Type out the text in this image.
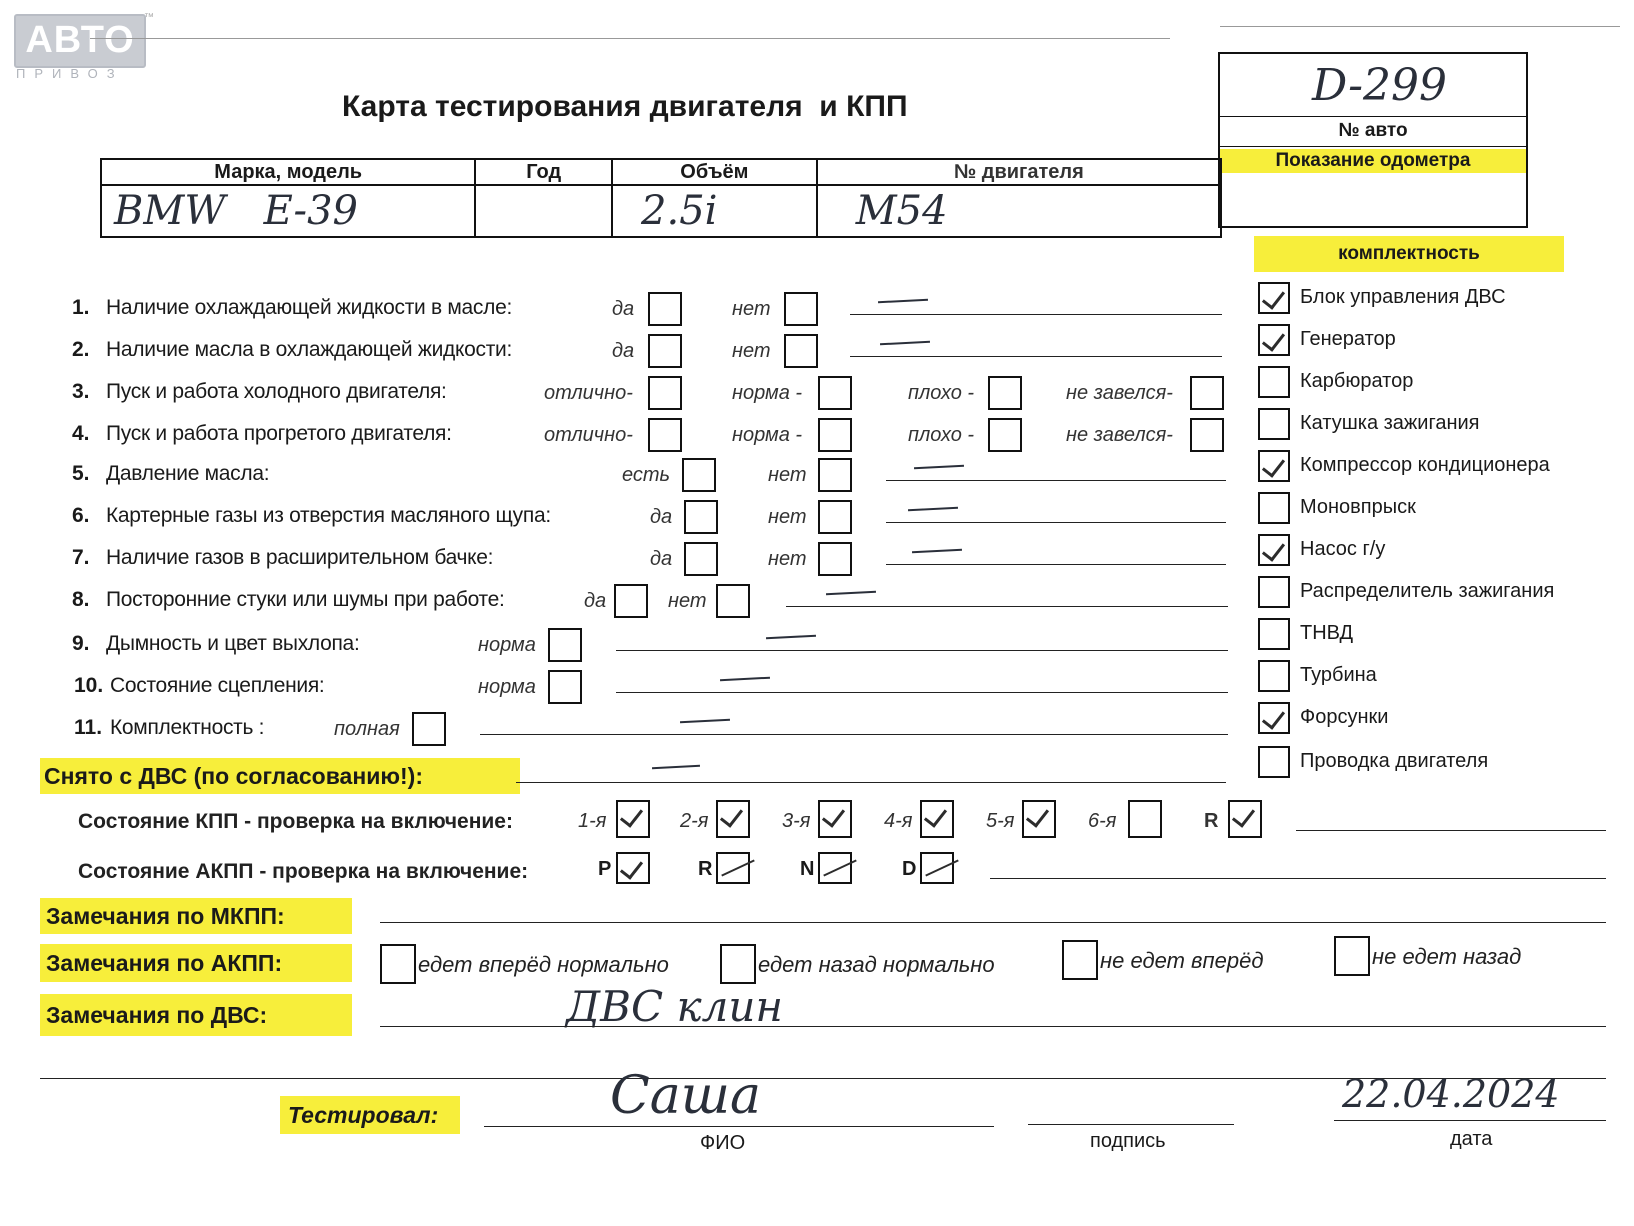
АВТО
™
ПРИВОЗ
Карта тестирования двигателя  и КПП	D-299
№ авто
Показание одометра
Марка, модель	Год	Объём	№ двигателя
BMW   E-39		2.5i	M54
комплектность
Блок управления ДВС
Генератор
Карбюратор
Катушка зажигания
Компрессор кондиционера
Моновпрыск
Насос г/у
Распределитель зажигания
ТНВД
Турбина
Форсунки
Проводка двигателя
1. Наличие охлаждающей жидкости в масле:	да	нет
2. Наличие масла в охлаждающей жидкости:	да	нет
3. Пуск и работа холодного двигателя:	отлично-	норма -	плохо -	не завелся-
4. Пуск и работа прогретого двигателя:	отлично-	норма -	плохо -	не завелся-
5. Давление масла:	есть	нет
6. Картерные газы из отверстия масляного щупа:	да	нет
7. Наличие газов в расширительном бачке:	да	нет
8. Посторонние стуки или шумы при работе:	да	нет
9. Дымность и цвет выхлопа:	норма
10. Состояние сцепления:	норма
11. Комплектность :	полная
Снято с ДВС (по согласованию!):
Состояние КПП - проверка на включение:	1-я	2-я	3-я	4-я	5-я	6-я	R
Состояние АКПП - проверка на включение:	P	R	N	D
Замечания по МКПП:
Замечания по АКПП:	едет вперёд нормально	едет назад нормально	не едет вперёд	не едет назад
Замечания по ДВС:	ДВС клин
Тестировал:	Саша
ФИО	подпись
22.04.2024
дата
